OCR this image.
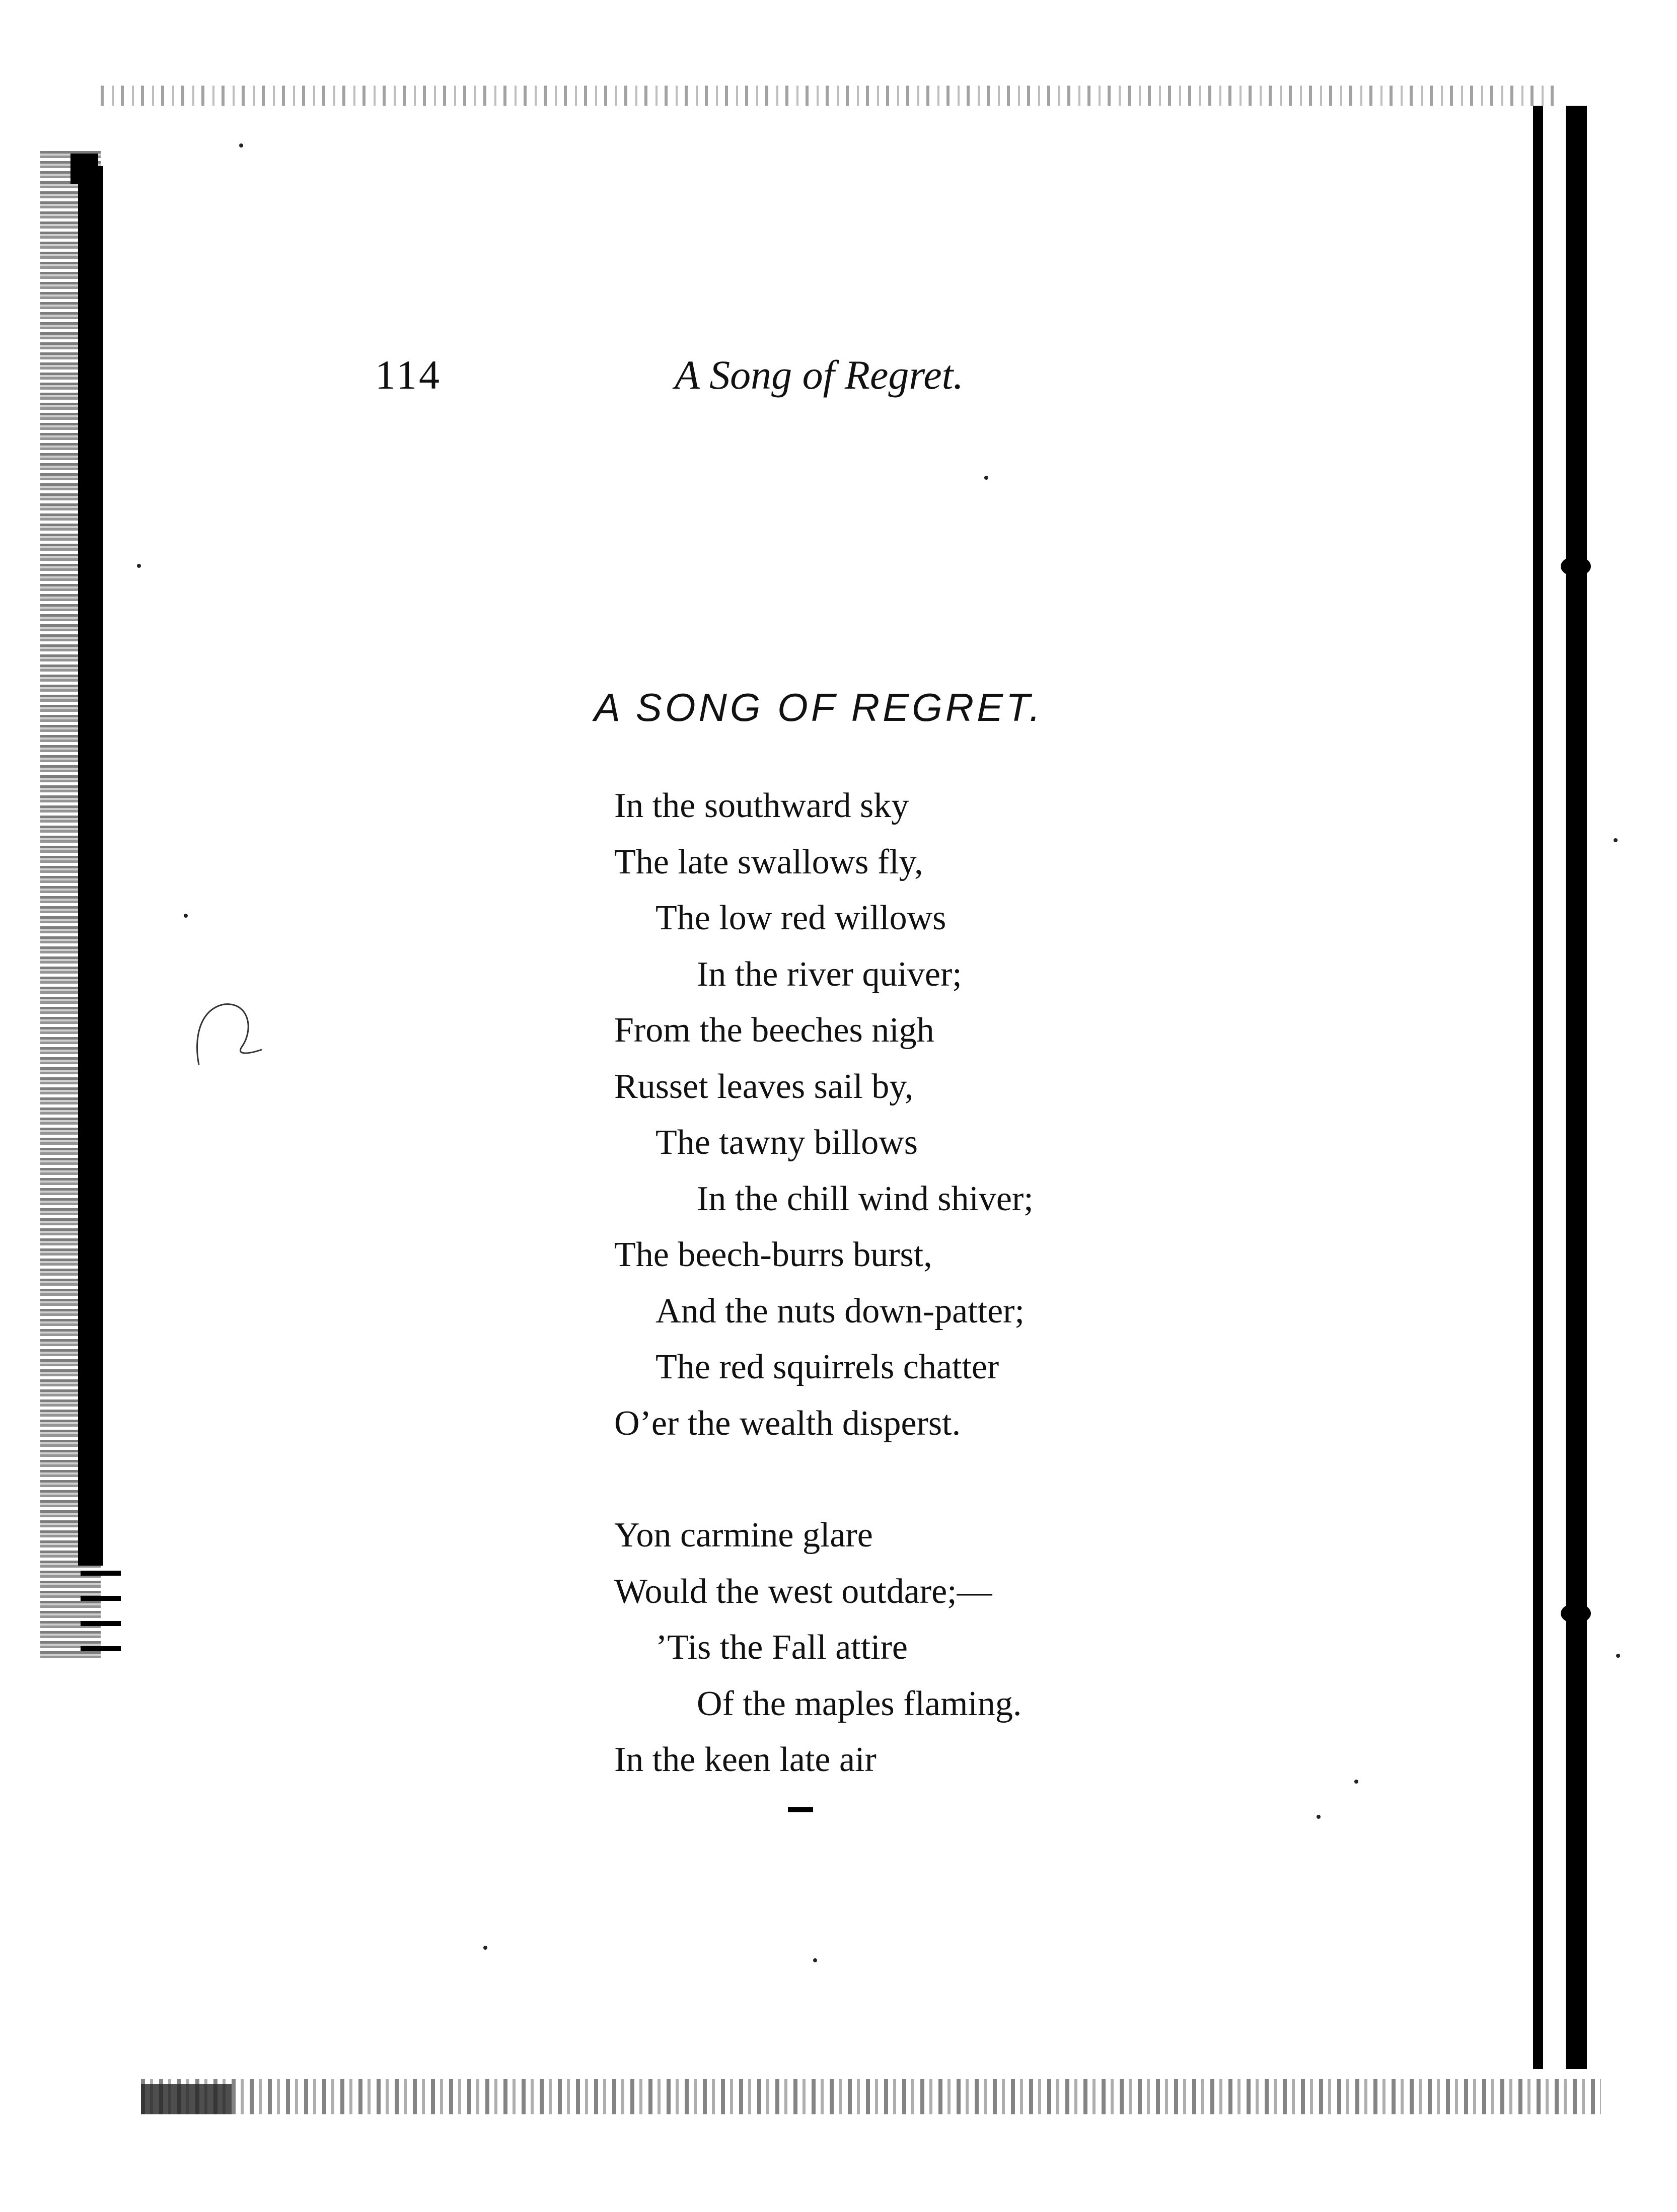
114	A Song of Regret.
A SONG OF REGRET.
In the southward sky
The late swallows fly,
The low red willows
In the river quiver;
From the beeches nigh
Russet leaves sail by,
The tawny billows
In the chill wind shiver;
The beech-burrs burst,
And the nuts down-patter;
The red squirrels chatter
O’er the wealth disperst.
Yon carmine glare
Would the west outdare;—
’Tis the Fall attire
Of the maples flaming.
In the keen late air
